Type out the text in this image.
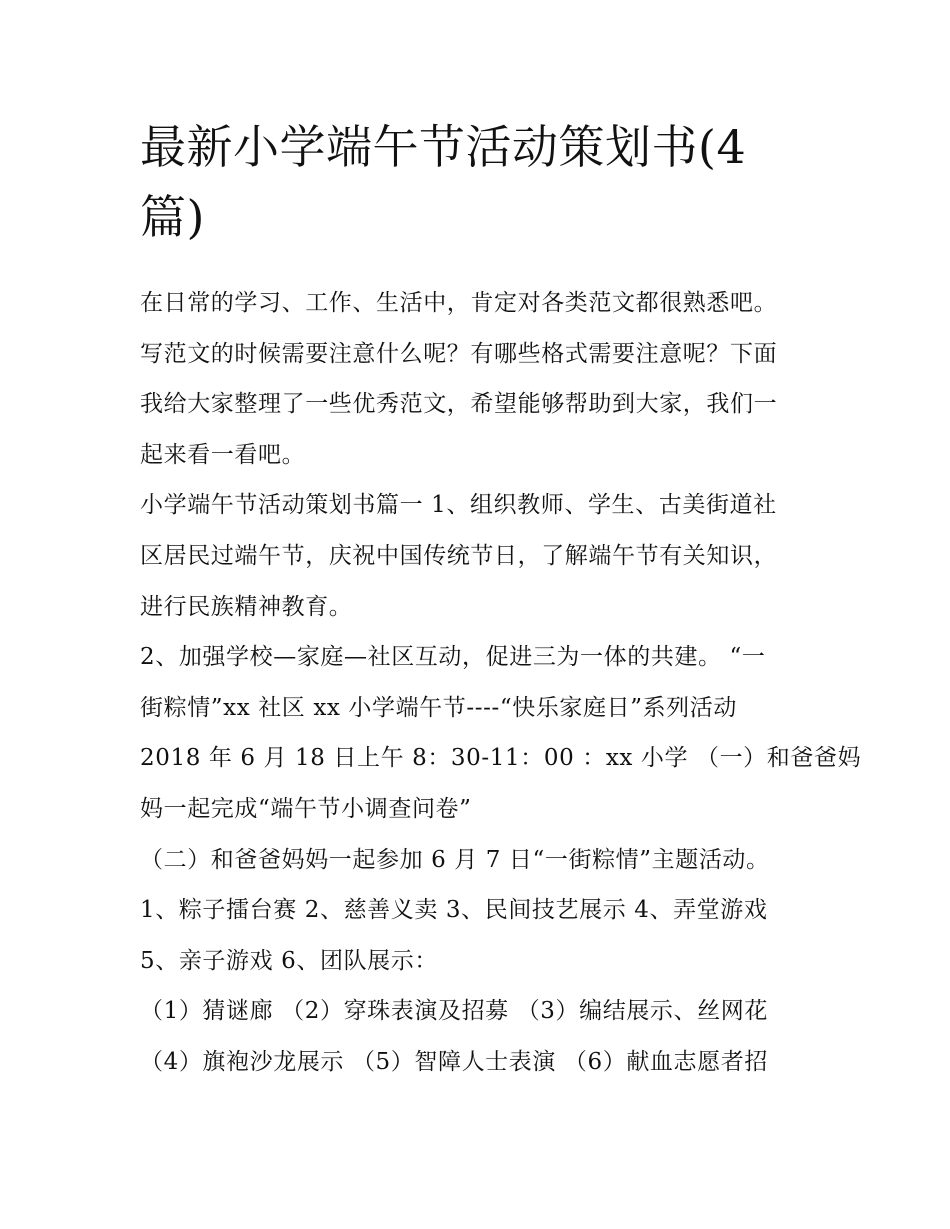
最新小学端午节活动策划书(4
篇)

在日常的学习、工作、生活中，肯定对各类范文都很熟悉吧。
写范文的时候需要注意什么呢？有哪些格式需要注意呢？下面
我给大家整理了一些优秀范文，希望能够帮助到大家，我们一
起来看一看吧。

小学端午节活动策划书篇一 1、组织教师、学生、古美街道社
区居民过端午节，庆祝中国传统节日，了解端午节有关知识，
进行民族精神教育。

2、加强学校—家庭—社区互动，促进三为一体的共建。 “一
街粽情”xx 社区 xx 小学端午节----“快乐家庭日”系列活动
2018 年 6 月 18 日上午 8：30-11：00 ：xx 小学 （一）和爸爸妈
妈一起完成“端午节小调查问卷”

（二）和爸爸妈妈一起参加 6 月 7 日“一街粽情”主题活动。

1、粽子擂台赛 2、慈善义卖 3、民间技艺展示 4、弄堂游戏

5、亲子游戏 6、团队展示：

（1）猜谜廊 （2）穿珠表演及招募 （3）编结展示、丝网花

（4）旗袍沙龙展示 （5）智障人士表演 （6）献血志愿者招
